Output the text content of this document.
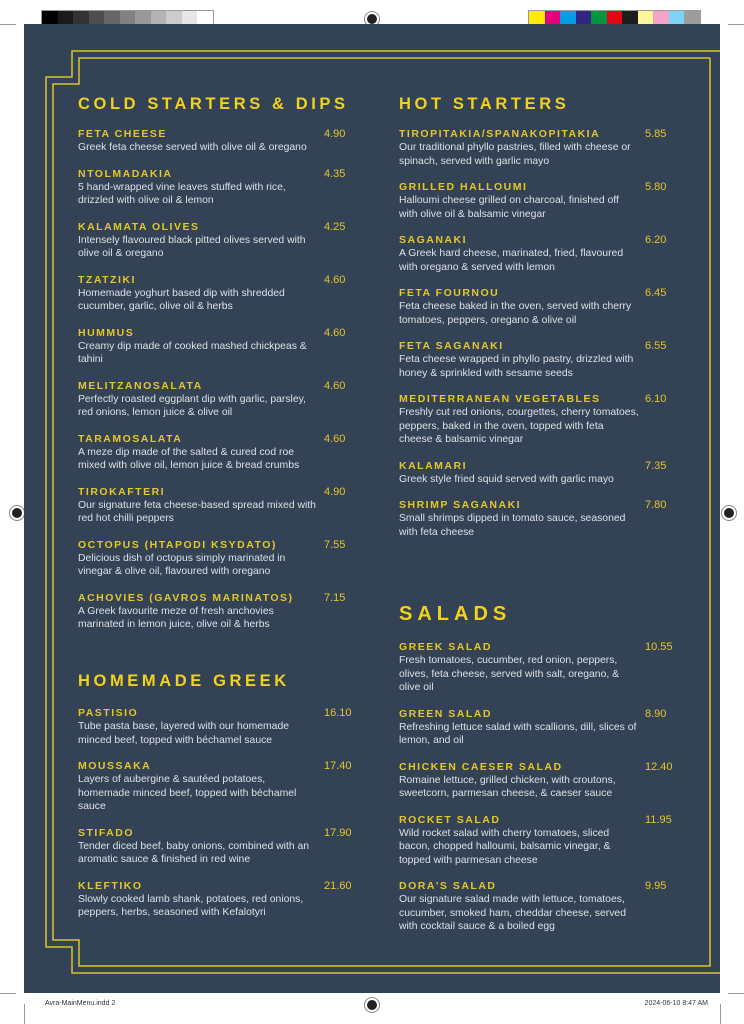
COLD STARTERS & DIPS
FETA CHEESE	4.90
Greek feta cheese served with olive oil & oregano
NTOLMADAKIA	4.35
5 hand-wrapped vine leaves stuffed with rice, drizzled with olive oil & lemon
KALAMATA OLIVES	4.25
Intensely flavoured black pitted olives served with olive oil & oregano
TZATZIKI	4.60
Homemade yoghurt based dip with shredded cucumber, garlic, olive oil & herbs
HUMMUS	4.60
Creamy dip made of cooked mashed chickpeas & tahini
MELITZANOSALATA	4.60
Perfectly roasted eggplant dip with garlic, parsley, red onions, lemon juice & olive oil
TARAMOSALATA	4.60
A meze dip made of the salted & cured cod roe mixed with olive oil, lemon juice & bread crumbs
TIROKAFTERI	4.90
Our signature feta cheese-based spread mixed with red hot chilli peppers
OCTOPUS (HTAPODI KSYDATO)	7.55
Delicious dish of octopus simply marinated in vinegar & olive oil, flavoured with oregano
ACHOVIES (GAVROS MARINATOS)	7.15
A Greek favourite meze of fresh anchovies marinated in lemon juice, olive oil & herbs
HOMEMADE GREEK
PASTISIO	16.10
Tube pasta base, layered with our homemade minced beef, topped with béchamel sauce
MOUSSAKA	17.40
Layers of aubergine & sautéed potatoes, homemade minced beef, topped with béchamel sauce
STIFADO	17.90
Tender diced beef, baby onions, combined with an aromatic sauce & finished in red wine
KLEFTIKO	21.60
Slowly cooked lamb shank, potatoes, red onions, peppers, herbs, seasoned with Kefalotyri
HOT STARTERS
TIROPITAKIA/SPANAKOPITAKIA	5.85
Our traditional phyllo pastries, filled with cheese or spinach, served with garlic mayo
GRILLED HALLOUMI	5.80
Halloumi cheese grilled on charcoal, finished off with olive oil & balsamic vinegar
SAGANAKI	6.20
A Greek hard cheese, marinated, fried, flavoured with oregano & served with lemon
FETA FOURNOU	6.45
Feta cheese baked in the oven, served with cherry tomatoes, peppers, oregano & olive oil
FETA SAGANAKI	6.55
Feta cheese wrapped in phyllo pastry, drizzled with honey & sprinkled with sesame seeds
MEDITERRANEAN VEGETABLES	6.10
Freshly cut red onions, courgettes, cherry tomatoes, peppers, baked in the oven, topped with feta cheese & balsamic vinegar
KALAMARI	7.35
Greek style fried squid served with garlic mayo
SHRIMP SAGANAKI	7.80
Small shrimps dipped in tomato sauce, seasoned with feta cheese
SALADS
GREEK SALAD	10.55
Fresh tomatoes, cucumber, red onion, peppers, olives, feta cheese, served with salt, oregano, & olive oil
GREEN SALAD	8.90
Refreshing lettuce salad with scallions, dill, slices of lemon, and oil
CHICKEN CAESER SALAD	12.40
Romaine lettuce, grilled chicken, with croutons, sweetcorn, parmesan cheese, & caeser sauce
ROCKET SALAD	11.95
Wild rocket salad with cherry tomatoes, sliced bacon, chopped halloumi, balsamic vinegar, & topped with parmesan cheese
DORA'S SALAD	9.95
Our signature salad made with lettuce, tomatoes, cucumber, smoked ham, cheddar cheese, served with cocktail sauce & a boiled egg
Avra-MainMenu.indd 2	2024-06-10 8:47 AM
